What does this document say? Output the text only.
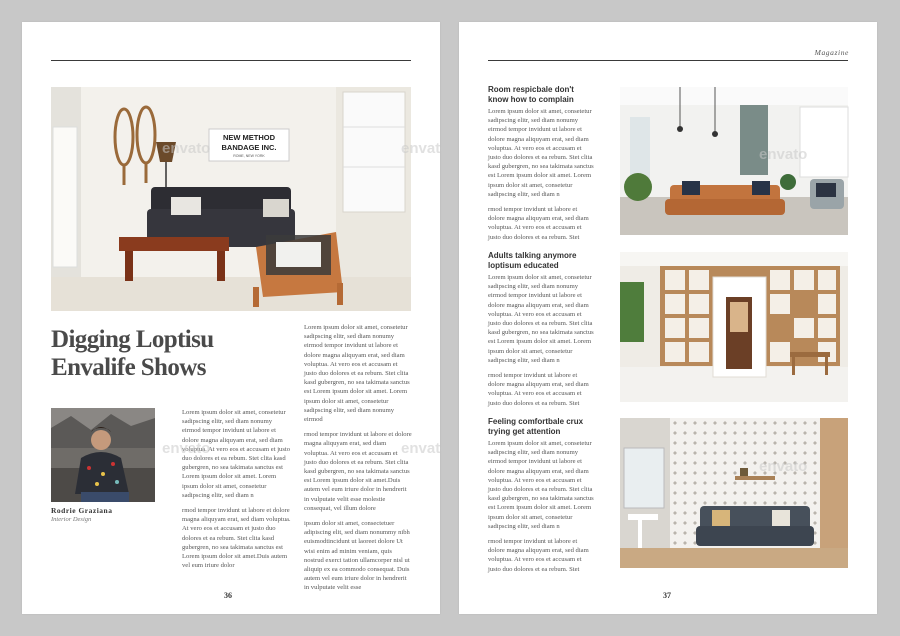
NEW METHOD
BANDAGE INC.
ROME, NEW YORK
Digging Loptisu Envalife Shows
Rodrie Graziana
Interior Design

Lorem ipsum dolor sit amet, consetetur sadipscing elitr, sed diam nonumy eirmod tempor invidunt ut labore et dolore magna aliquyam erat, sed diam voluptua. At vero eos et accusam et justo duo dolores et ea rebum. Stet clita kasd gubergren, no sea takimata sanctus est Lorem ipsum dolor sit amet. Lorem ipsum dolor sit amet, consetetur sadipscing elitr, sed diam n

rmod tempor invidunt ut labore et dolore magna aliquyam erat, sed diam voluptua. At vero eos et accusam et justo duo dolores et ea rebum. Stet clita kasd gubergren, no sea takimata sanctus est Lorem ipsum dolor sit amet.Duis autem vel eum iriure dolor

Lorem ipsum dolor sit amet, consetetur sadipscing elitr, sed diam nonumy eirmod tempor invidunt ut labore et dolore magna aliquyam erat, sed diam voluptua. At vero eos et accusam et justo duo dolores et ea rebum. Stet clita kasd gubergren, no sea takimata sanctus est Lorem ipsum dolor sit amet. Lorem ipsum dolor sit amet, consetetur sadipscing elitr, sed diam nonumy eirmod

rmod tempor invidunt ut labore et dolore magna aliquyam erat, sed diam voluptua. At vero eos et accusam et justo duo dolores et ea rebum. Stet clita kasd gubergren, no sea takimata sanctus est Lorem ipsum dolor sit amet.Duis autem vel eum iriure dolor in hendrerit in vulputate velit esse molestie consequat, vel illum dolore

ipsum dolor sit amet, consectetuer adipiscing elit, sed diam nonummy nibh euismodtincidunt ut laoreet dolore Ut wisi enim ad minim veniam, quis nostrud exerci tation ullamcorper nisl ut aliquip ex ea commodo consequat. Duis autem vel eum iriure dolor in hendrerit in vulputate velit esse

36
envato
envato
Magazine
Room respicbale don't know how to complain

Lorem ipsum dolor sit amet, consetetur sadipscing elitr, sed diam nonumy eirmod tempor invidunt ut labore et dolore magna aliquyam erat, sed diam voluptua. At vero eos et accusam et justo duo dolores et ea rebum. Stet clita kasd gubergren, no sea takimata sanctus est Lorem ipsum dolor sit amet. Lorem ipsum dolor sit amet, consetetur sadipscing elitr, sed diam n

rmod tempor invidunt ut labore et dolore magna aliquyam erat, sed diam voluptua. At vero eos et accusam et justo duo dolores et ea rebum. Stet

Adults talking anymore loptisum educated

Lorem ipsum dolor sit amet, consetetur sadipscing elitr, sed diam nonumy eirmod tempor invidunt ut labore et dolore magna aliquyam erat, sed diam voluptua. At vero eos et accusam et justo duo dolores et ea rebum. Stet clita kasd gubergren, no sea takimata sanctus est Lorem ipsum dolor sit amet. Lorem ipsum dolor sit amet, consetetur sadipscing elitr, sed diam n

rmod tempor invidunt ut labore et dolore magna aliquyam erat, sed diam voluptua. At vero eos et accusam et justo duo dolores et ea rebum. Stet

Feeling comfortbale crux trying get attention

Lorem ipsum dolor sit amet, consetetur sadipscing elitr, sed diam nonumy eirmod tempor invidunt ut labore et dolore magna aliquyam erat, sed diam voluptua. At vero eos et accusam et justo duo dolores et ea rebum. Stet clita kasd gubergren, no sea takimata sanctus est Lorem ipsum dolor sit amet. Lorem ipsum dolor sit amet, consetetur sadipscing elitr, sed diam n

rmod tempor invidunt ut labore et dolore magna aliquyam erat, sed diam voluptua. At vero eos et accusam et justo duo dolores et ea rebum. Stet

37
envato	envato
envato
envato
